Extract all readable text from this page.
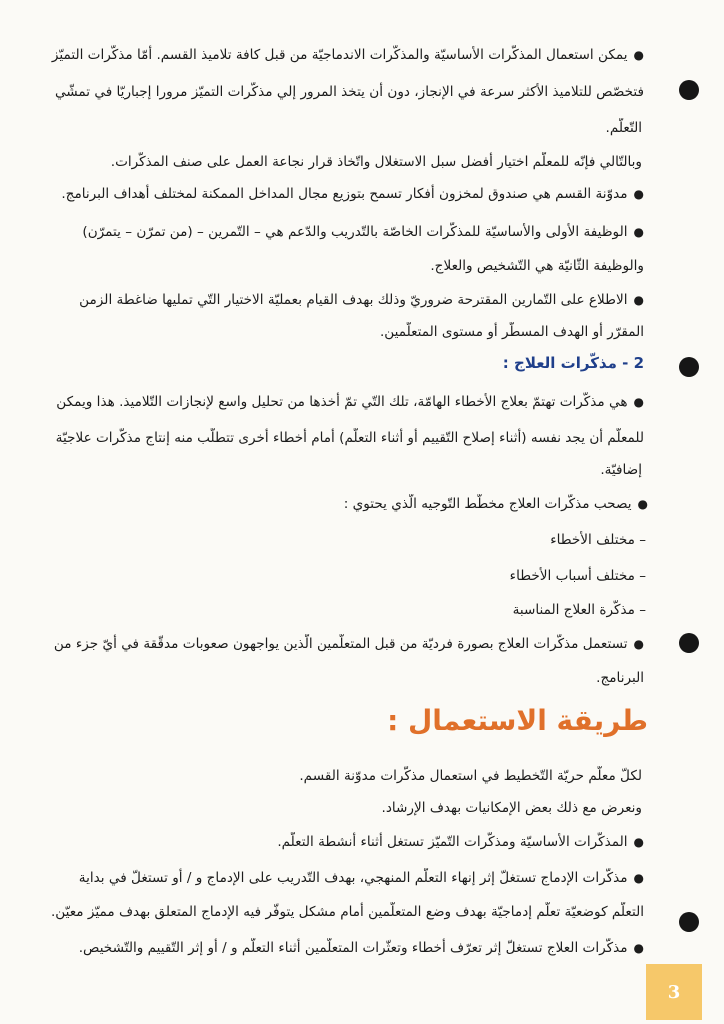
● يمكن استعمال المذكّرات الأساسيّة والمذكّرات الاندماجيّة من قبل كافة تلاميذ القسم. أمّا مذكّرات التميّز
فتخصّص للتلاميذ الأكثر سرعة في الإنجاز، دون أن يتخذ المرور إلي مذكّرات التميّز مرورا إجباريّا في تمشّي
التّعلّم.
وبالتّالي فإنّه للمعلّم اختيار أفضل سبل الاستغلال واتّخاذ قرار نجاعة العمل على صنف المذكّرات.
● مدوّنة القسم هي صندوق لمخزون أفكار تسمح بتوزيع مجال المداخل الممكنة لمختلف أهداف البرنامج.
● الوظيفة الأولى والأساسيّة للمذكّرات الخاصّة بالتّدريب والدّعم هي – التّمرين – (من تمرّن – يتمرّن)
والوظيفة الثّانيّة هي التّشخيص والعلاج.
● الاطلاع على التّمارين المقترحة ضروريّ وذلك بهدف القيام بعمليّة الاختيار التّي تمليها ضاغطة الزمن
المقرّر أو الهدف المسطّر أو مستوى المتعلّمين.
2 - مذكّرات العلاج :
● هي مذكّرات تهتمّ بعلاج الأخطاء الهامّة، تلك التّي تمّ أخذها من تحليل واسع لإنجازات التّلاميذ. هذا ويمكن
للمعلّم أن يجد نفسه (أثناء إصلاح التّقييم أو أثناء التعلّم) أمام أخطاء أخرى تتطلّب منه إنتاج مذكّرات علاجيّة
إضافيّة.
● يصحب مذكّرات العلاج مخطّط التّوجيه الّذي يحتوي :
– مختلف الأخطاء
– مختلف أسباب الأخطاء
– مذكّرة العلاج المناسبة
● تستعمل مذكّرات العلاج بصورة فرديّة من قبل المتعلّمين الّذين يواجهون صعوبات مدقّقة في أيّ جزء من
البرنامج.
طريقة الاستعمال :
لكلّ معلّم حريّة التّخطيط في استعمال مذكّرات مدوّنة القسم.
ونعرض مع ذلك بعض الإمكانيات بهدف الإرشاد.
● المذكّرات الأساسيّة ومذكّرات التّميّز تستغل أثناء أنشطة التعلّم.
● مذكّرات الإدماج تستغلّ إثر إنهاء التعلّم المنهجي، بهدف التّدريب على الإدماج و / أو تستغلّ في بداية
التعلّم كوضعيّة تعلّم إدماجيّة بهدف وضع المتعلّمين أمام مشكل يتوفّر فيه الإدماج المتعلق بهدف مميّز معيّن.
● مذكّرات العلاج تستغلّ إثر تعرّف أخطاء وتعثّرات المتعلّمين أثناء التعلّم و / أو إثر التّقييم والتّشخيص.
3
